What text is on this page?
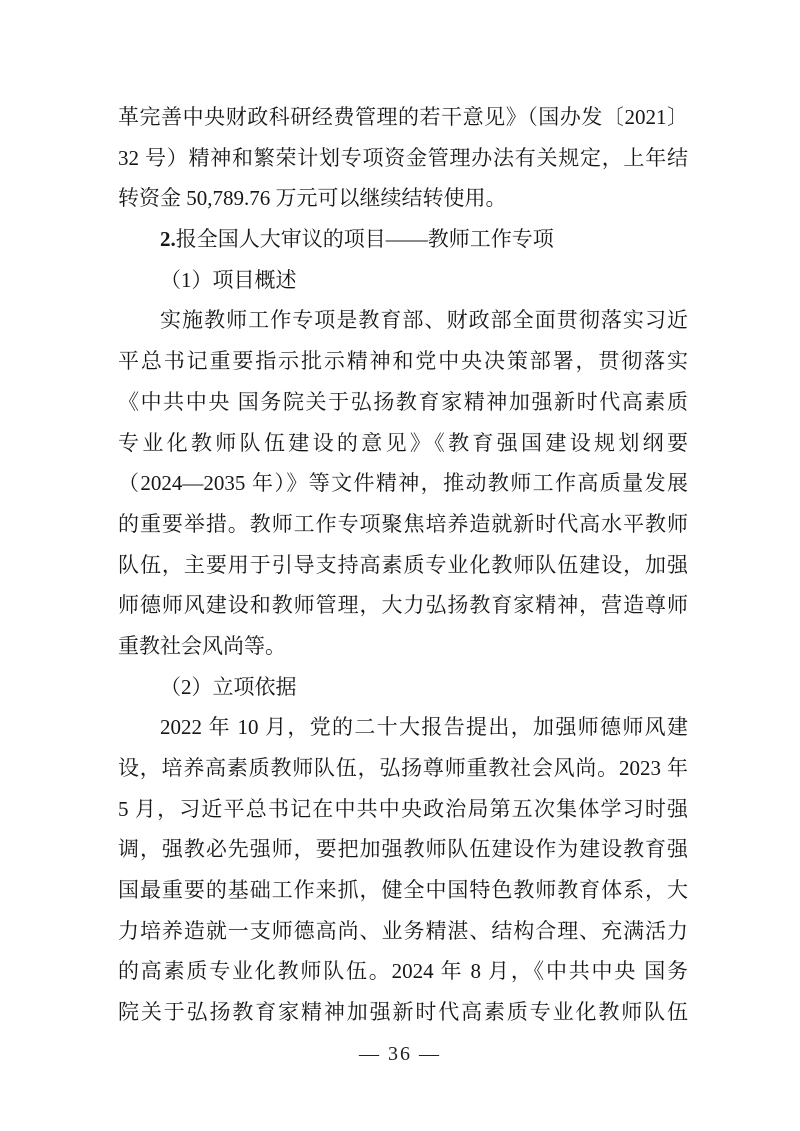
革完善中央财政科研经费管理的若干意见》（国办发〔2021〕
32 号）精神和繁荣计划专项资金管理办法有关规定，上年结
转资金 50,789.76 万元可以继续结转使用。
2.报全国人大审议的项目——教师工作专项
（1）项目概述
实施教师工作专项是教育部、财政部全面贯彻落实习近
平总书记重要指示批示精神和党中央决策部署，贯彻落实
《中共中央 国务院关于弘扬教育家精神加强新时代高素质
专业化教师队伍建设的意见》《教育强国建设规划纲要
（2024—2035 年）》等文件精神，推动教师工作高质量发展
的重要举措。教师工作专项聚焦培养造就新时代高水平教师
队伍，主要用于引导支持高素质专业化教师队伍建设，加强
师德师风建设和教师管理，大力弘扬教育家精神，营造尊师
重教社会风尚等。
（2）立项依据
2022 年 10 月，党的二十大报告提出，加强师德师风建
设，培养高素质教师队伍，弘扬尊师重教社会风尚。2023 年
5 月，习近平总书记在中共中央政治局第五次集体学习时强
调，强教必先强师，要把加强教师队伍建设作为建设教育强
国最重要的基础工作来抓，健全中国特色教师教育体系，大
力培养造就一支师德高尚、业务精湛、结构合理、充满活力
的高素质专业化教师队伍。2024 年 8 月，《中共中央 国务
院关于弘扬教育家精神加强新时代高素质专业化教师队伍
— 36 —
